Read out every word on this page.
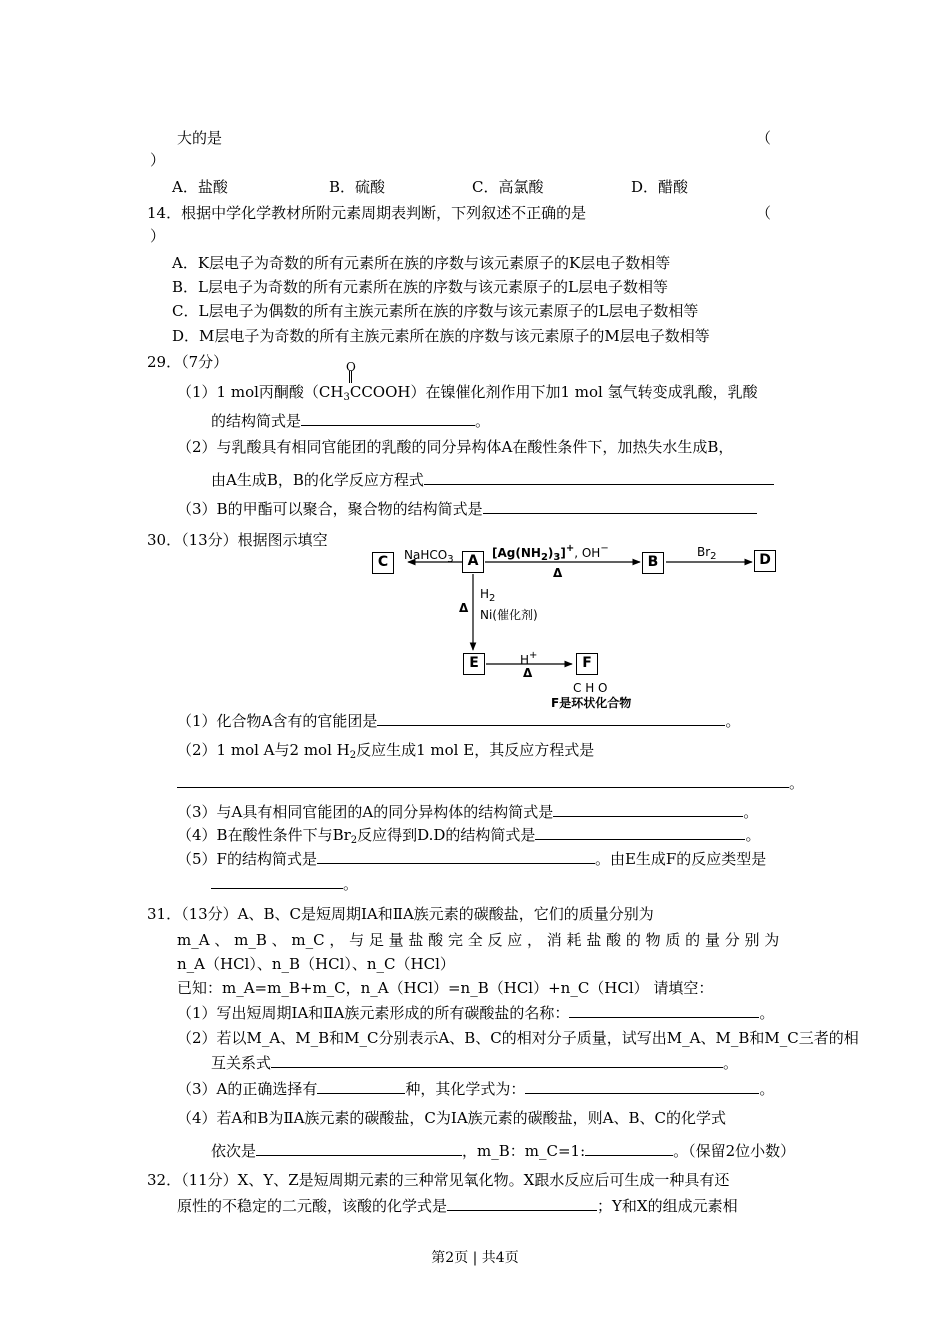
大的是	（
）
A．盐酸	B．硫酸	C．高氯酸	D．醋酸
14．根据中学化学教材所附元素周期表判断，下列叙述不正确的是	（
）
A．K层电子为奇数的所有元素所在族的序数与该元素原子的K层电子数相等
B．L层电子为奇数的所有元素所在族的序数与该元素原子的L层电子数相等
C．L层电子为偶数的所有主族元素所在族的序数与该元素原子的L层电子数相等
D．M层电子为奇数的所有主族元素所在族的序数与该元素原子的M层电子数相等
29．（7分）	O
（1）1 mol丙酮酸$(CH_3CCOOH)$在镍催化剂作用下加1 mol 氢气转变成乳酸，乳酸
的结构简式是	。
（2）与乳酸具有相同官能团的乳酸的同分异构体A在酸性条件下，加热失水生成B，
由A生成B，B的化学反应方程式
（3）B的甲酯可以聚合，聚合物的结构简式是
30．（13分）根据图示填空
C	A	B	D
E	F
NaHCO$_3$	$[Ag(NH_2)_3]^+$, OH−
Δ
$Br_2$
$H_2$
Δ Ni(催化剂)
H+
Δ
C H O
F是环状化合物
（1）化合物A含有的官能团是	。
（2）1 mol A与2 mol $H_2$反应生成1 mol E，其反应方程式是
。
（3）与A具有相同官能团的A的同分异构体的结构简式是	。
（4）B在酸性条件下与$Br_2$反应得到D.D的结构简式是	。
（5）F的结构简式是	。由E生成F的反应类型是
。
31．（13分）A、B、C是短周期ⅠA和ⅡA族元素的碳酸盐，它们的质量分别为
m_A 、 m_B 、 m_C ， 与 足 量 盐 酸 完 全 反 应 ， 消 耗 盐 酸 的 物 质 的 量 分 别 为
n_A（HCl）、n_B（HCl）、n_C（HCl）
已知：m_A=m_B+m_C，n_A（HCl）=n_B（HCl）+n_C（HCl） 请填空：
（1）写出短周期ⅠA和ⅡA族元素形成的所有碳酸盐的名称：	。
（2）若以M_A、M_B和M_C分别表示A、B、C的相对分子质量，试写出M_A、M_B和M_C三者的相
互关系式	。
（3）A的正确选择有	种，其化学式为：	。
（4）若A和B为ⅡA族元素的碳酸盐，C为ⅠA族元素的碳酸盐，则A、B、C的化学式
依次是	，m_B：m_C=1:	。（保留2位小数）
32．（11分）X、Y、Z是短周期元素的三种常见氧化物。X跟水反应后可生成一种具有还
原性的不稳定的二元酸，该酸的化学式是	；Y和X的组成元素相
第2页 | 共4页
